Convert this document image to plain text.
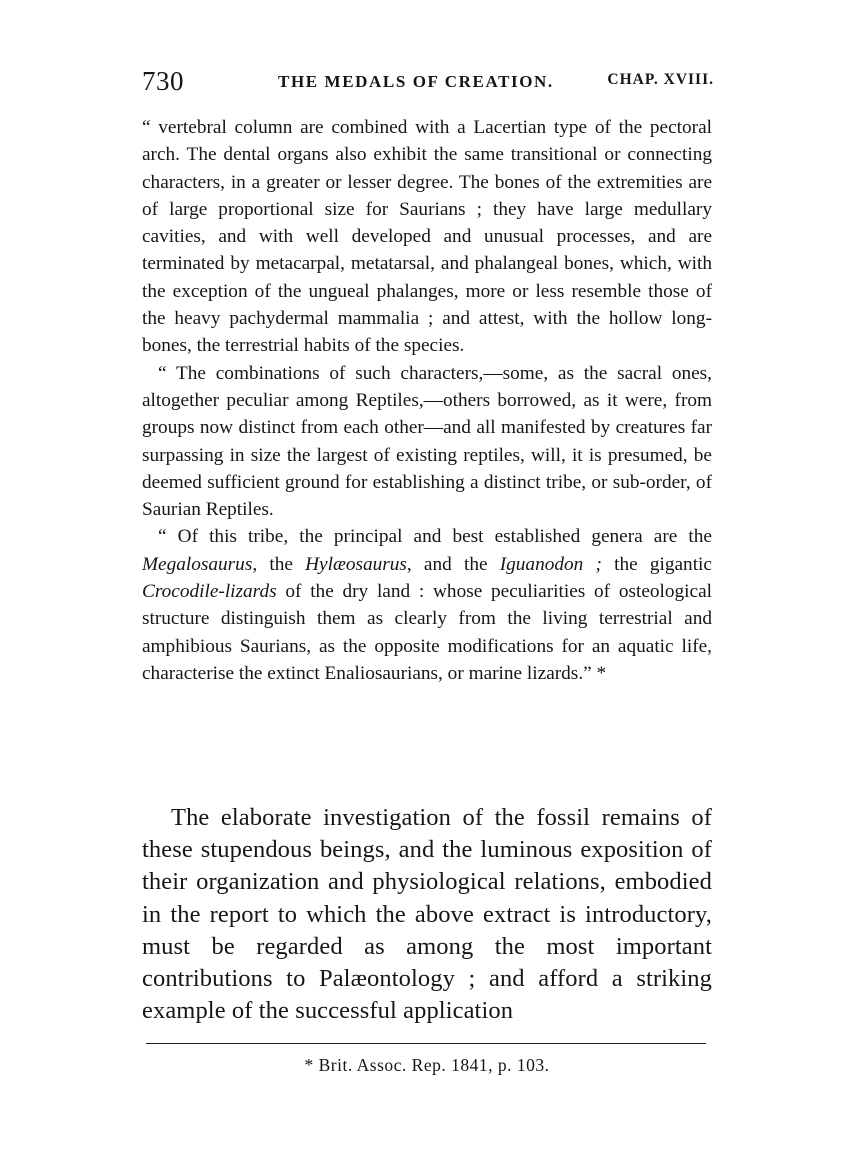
730	THE MEDALS OF CREATION.	CHAP. XVIII.

“ vertebral column are combined with a Lacertian type of the pectoral arch. The dental organs also exhibit the same transitional or connecting characters, in a greater or lesser degree. The bones of the extremities are of large proportional size for Saurians ; they have large medullary cavities, and with well developed and unusual processes, and are terminated by metacarpal, metatarsal, and phalangeal bones, which, with the exception of the ungueal phalanges, more or less resemble those of the heavy pachydermal mammalia ; and attest, with the hollow long-bones, the terrestrial habits of the species.

“ The combinations of such characters,—some, as the sacral ones, altogether peculiar among Reptiles,—others borrowed, as it were, from groups now distinct from each other—and all manifested by creatures far surpassing in size the largest of existing reptiles, will, it is presumed, be deemed sufficient ground for establishing a distinct tribe, or sub-order, of Saurian Reptiles.

“ Of this tribe, the principal and best established genera are the Megalosaurus, the Hylæosaurus, and the Iguanodon ; the gigantic Crocodile-lizards of the dry land : whose peculiarities of osteological structure distinguish them as clearly from the living terrestrial and amphibious Saurians, as the opposite modifications for an aquatic life, characterise the extinct Enaliosaurians, or marine lizards.” *

The elaborate investigation of the fossil remains of these stupendous beings, and the luminous exposition of their organization and physiological relations, embodied in the report to which the above extract is introductory, must be regarded as among the most important contributions to Palæontology ; and afford a striking example of the successful application

* Brit. Assoc. Rep. 1841, p. 103.
